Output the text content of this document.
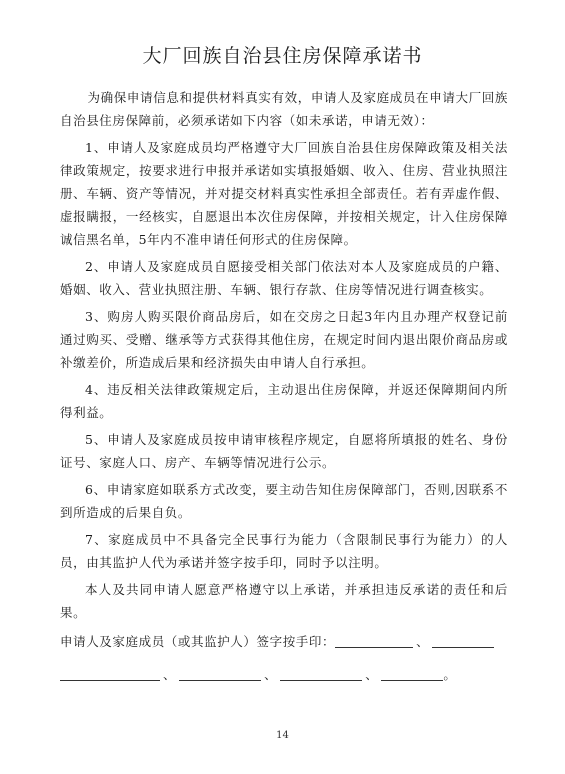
大厂回族自治县住房保障承诺书

为确保申请信息和提供材料真实有效，申请人及家庭成员在申请大厂回族自治县住房保障前，必须承诺如下内容（如未承诺，申请无效）：

1、申请人及家庭成员均严格遵守大厂回族自治县住房保障政策及相关法律政策规定，按要求进行申报并承诺如实填报婚姻、收入、住房、营业执照注册、车辆、资产等情况，并对提交材料真实性承担全部责任。若有弄虚作假、虚报瞒报，一经核实，自愿退出本次住房保障，并按相关规定，计入住房保障诚信黑名单，5年内不准申请任何形式的住房保障。

2、申请人及家庭成员自愿接受相关部门依法对本人及家庭成员的户籍、婚姻、收入、营业执照注册、车辆、银行存款、住房等情况进行调查核实。

3、购房人购买限价商品房后，如在交房之日起3年内且办理产权登记前通过购买、受赠、继承等方式获得其他住房，在规定时间内退出限价商品房或补缴差价，所造成后果和经济损失由申请人自行承担。

4、违反相关法律政策规定后，主动退出住房保障，并返还保障期间内所得利益。

5、申请人及家庭成员按申请审核程序规定，自愿将所填报的姓名、身份证号、家庭人口、房产、车辆等情况进行公示。

6、申请家庭如联系方式改变，要主动告知住房保障部门，否则,因联系不到所造成的后果自负。

7、家庭成员中不具备完全民事行为能力（含限制民事行为能力）的人员，由其监护人代为承诺并签字按手印，同时予以注明。

本人及共同申请人愿意严格遵守以上承诺，并承担违反承诺的责任和后果。

申请人及家庭成员（或其监护人）签字按手印：	、
、	、	、	。
14
